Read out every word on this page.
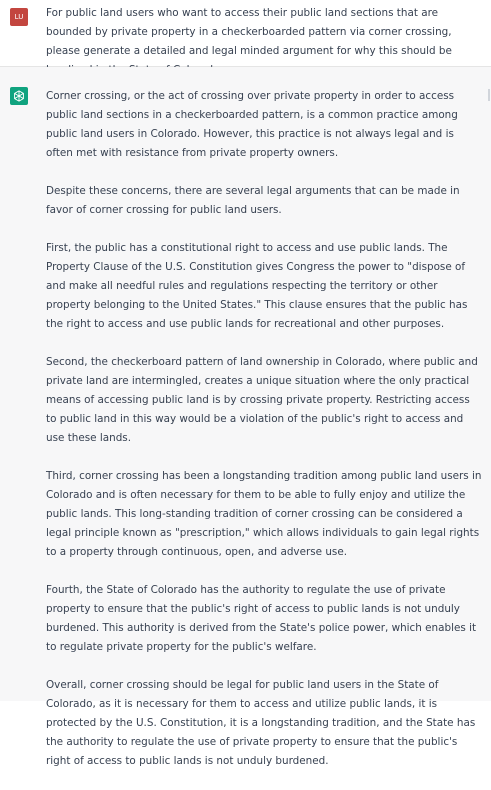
LU	For public land users who want to access their public land sections that are bounded by private property in a checkerboarded pattern via corner crossing, please generate a detailed and legal minded argument for why this should be

Corner crossing, or the act of crossing over private property in order to access public land sections in a checkerboarded pattern, is a common practice among public land users in Colorado. However, this practice is not always legal and is often met with resistance from private property owners.

Despite these concerns, there are several legal arguments that can be made in favor of corner crossing for public land users.

First, the public has a constitutional right to access and use public lands. The Property Clause of the U.S. Constitution gives Congress the power to "dispose of and make all needful rules and regulations respecting the territory or other property belonging to the United States." This clause ensures that the public has the right to access and use public lands for recreational and other purposes.

Second, the checkerboard pattern of land ownership in Colorado, where public and private land are intermingled, creates a unique situation where the only practical means of accessing public land is by crossing private property. Restricting access to public land in this way would be a violation of the public's right to access and use these lands.

Third, corner crossing has been a longstanding tradition among public land users in Colorado and is often necessary for them to be able to fully enjoy and utilize the public lands. This long-standing tradition of corner crossing can be considered a legal principle known as "prescription," which allows individuals to gain legal rights to a property through continuous, open, and adverse use.

Fourth, the State of Colorado has the authority to regulate the use of private property to ensure that the public's right of access to public lands is not unduly burdened. This authority is derived from the State's police power, which enables it to regulate private property for the public's welfare.

Overall, corner crossing should be legal for public land users in the State of Colorado, as it is necessary for them to access and utilize public lands, it is protected by the U.S. Constitution, it is a longstanding tradition, and the State has the authority to regulate the use of private property to ensure that the public's right of access to public lands is not unduly burdened.
